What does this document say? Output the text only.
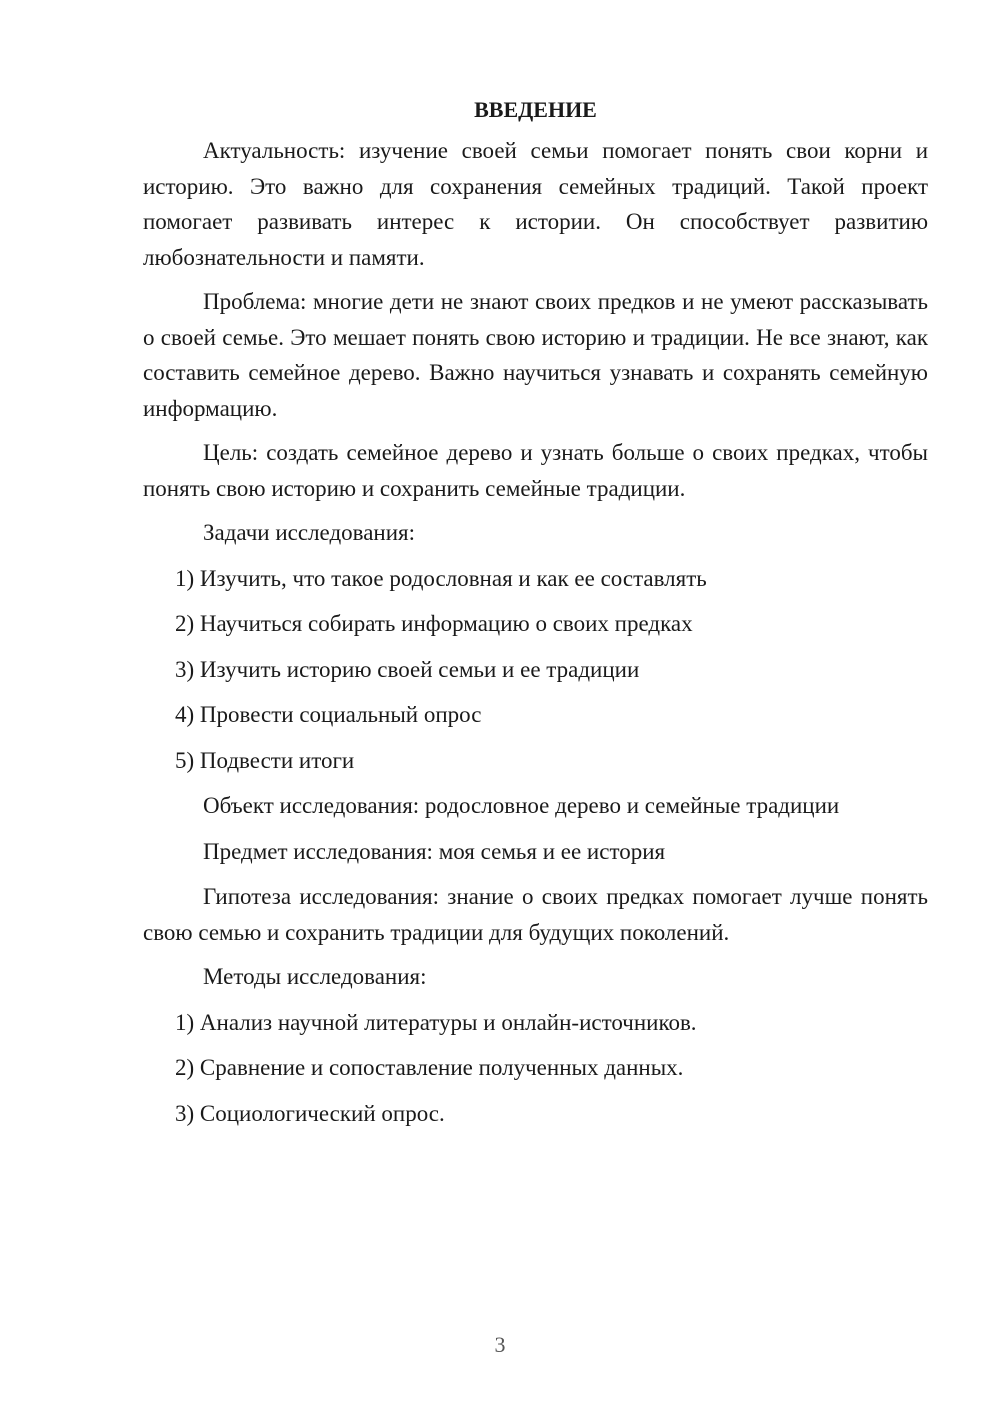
ВВЕДЕНИЕ

Актуальность: изучение своей семьи помогает понять свои корни и историю. Это важно для сохранения семейных традиций. Такой проект помогает развивать интерес к истории. Он способствует развитию любознательности и памяти.

Проблема: многие дети не знают своих предков и не умеют рассказывать о своей семье. Это мешает понять свою историю и традиции. Не все знают, как составить семейное дерево. Важно научиться узнавать и сохранять семейную информацию.

Цель: создать семейное дерево и узнать больше о своих предках, чтобы понять свою историю и сохранить семейные традиции.

Задачи исследования:

1) Изучить, что такое родословная и как ее составлять

2) Научиться собирать информацию о своих предках

3) Изучить историю своей семьи и ее традиции

4) Провести социальный опрос

5) Подвести итоги

Объект исследования: родословное дерево и семейные традиции

Предмет исследования: моя семья и ее история

Гипотеза исследования: знание о своих предках помогает лучше понять свою семью и сохранить традиции для будущих поколений.

Методы исследования:

1) Анализ научной литературы и онлайн-источников.

2) Сравнение и сопоставление полученных данных.

3) Социологический опрос.

3
